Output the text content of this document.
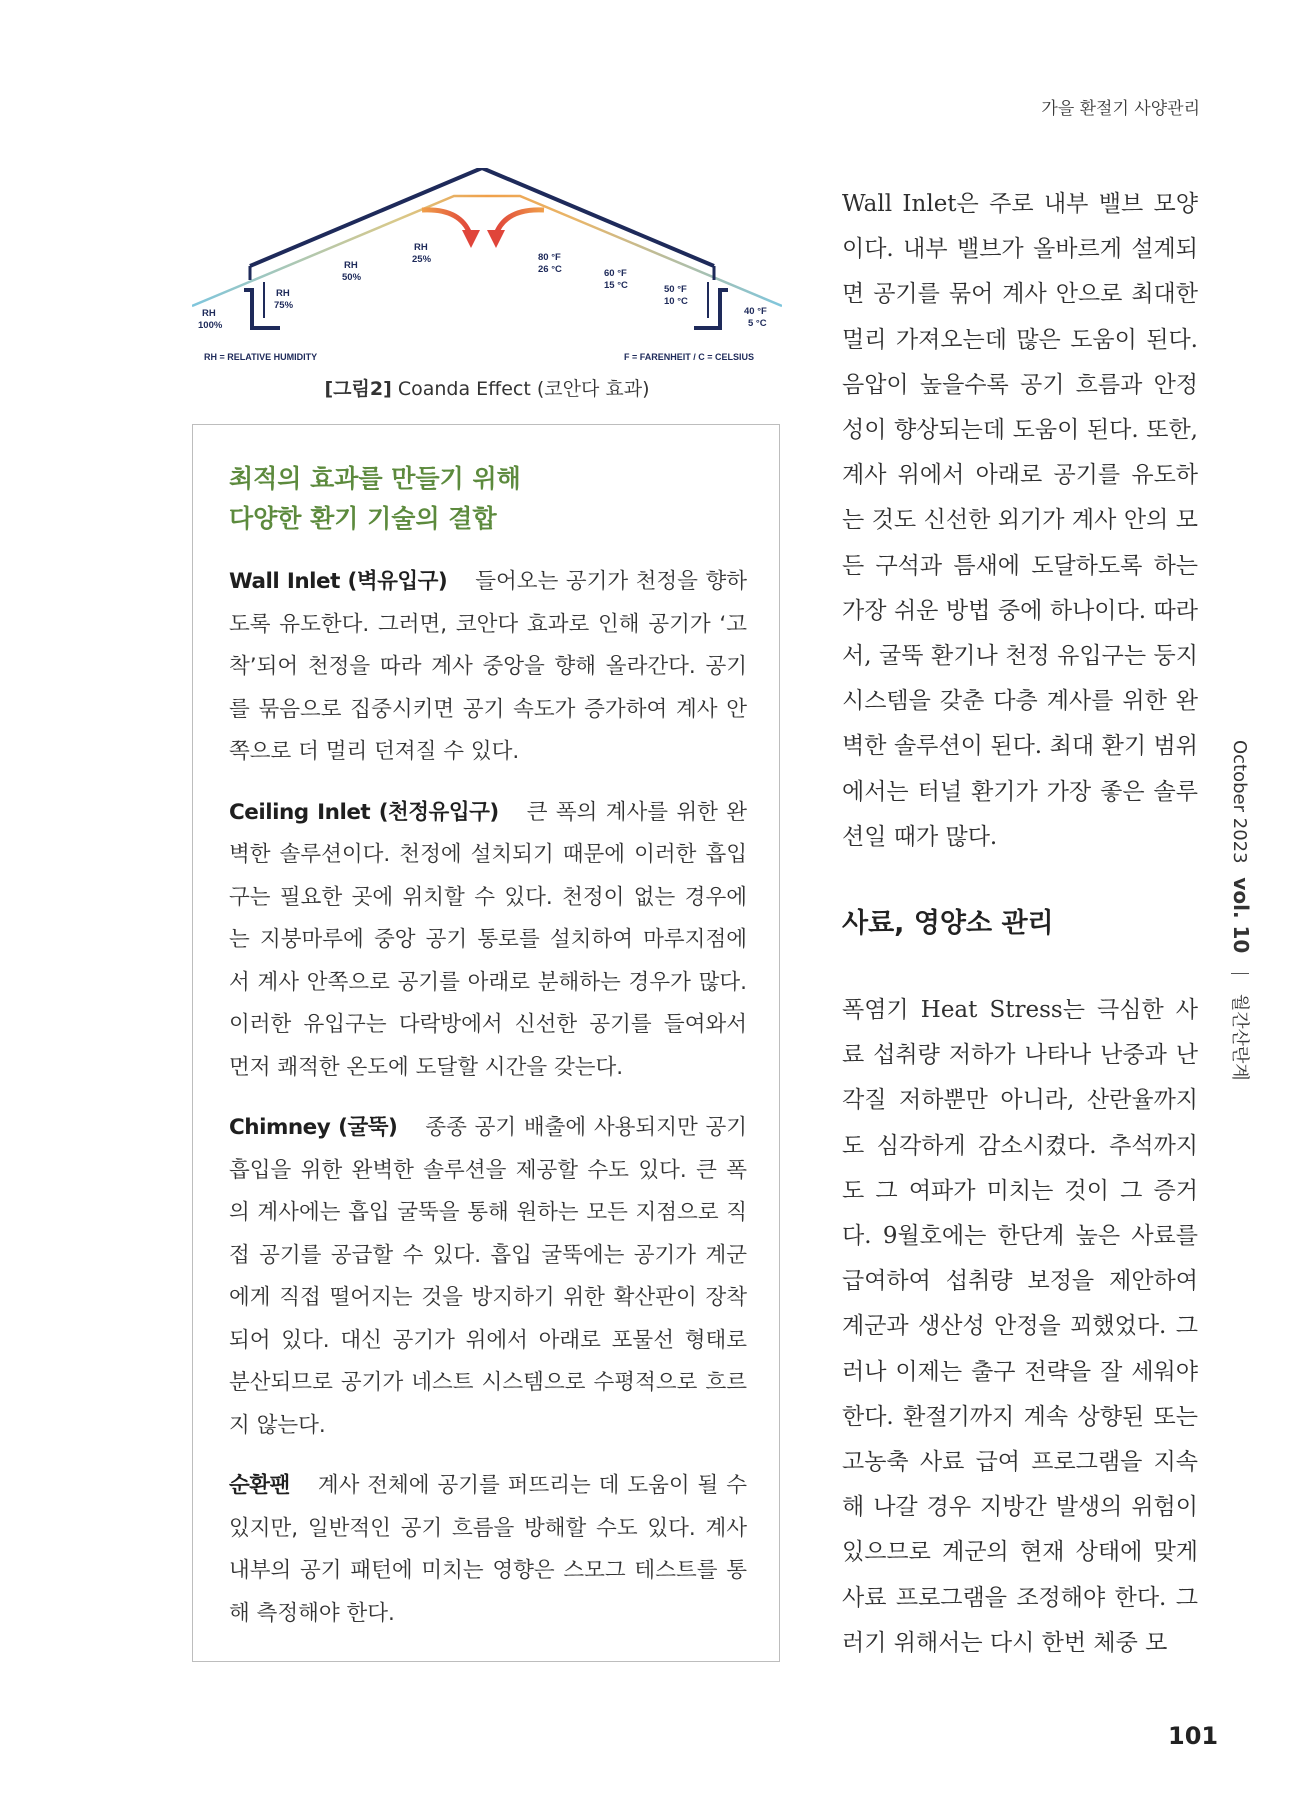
가을 환절기 사양관리
RH
100%
RH
75%
RH
50%
RH
25%	80 °F
26 °C	60 °F
15 °C	50 °F
10 °C
40 °F
5 °C
RH = RELATIVE HUMIDITY	F = FARENHEIT / C = CELSIUS
[그림2] Coanda Effect (코안다 효과)
최적의 효과를 만들기 위해
다양한 환기 기술의 결합
Wall Inlet (벽유입구) 들어오는 공기가 천정을 향하도록 유도한다. 그러면, 코안다 효과로 인해 공기가 ‘고착’되어 천정을 따라 계사 중앙을 향해 올라간다. 공기를 묶음으로 집중시키면 공기 속도가 증가하여 계사 안 쪽으로 더 멀리 던져질 수 있다.
Ceiling Inlet (천정유입구) 큰 폭의 계사를 위한 완벽한 솔루션이다. 천정에 설치되기 때문에 이러한 흡입구는 필요한 곳에 위치할 수 있다. 천정이 없는 경우에는 지붕마루에 중앙 공기 통로를 설치하여 마루지점에서 계사 안쪽으로 공기를 아래로 분해하는 경우가 많다. 이러한 유입구는 다락방에서 신선한 공기를 들여와서 먼저 쾌적한 온도에 도달할 시간을 갖는다.
Chimney (굴뚝) 종종 공기 배출에 사용되지만 공기 흡입을 위한 완벽한 솔루션을 제공할 수도 있다. 큰 폭의 계사에는 흡입 굴뚝을 통해 원하는 모든 지점으로 직접 공기를 공급할 수 있다. 흡입 굴뚝에는 공기가 계군에게 직접 떨어지는 것을 방지하기 위한 확산판이 장착되어 있다. 대신 공기가 위에서 아래로 포물선 형태로 분산되므로 공기가 네스트 시스템으로 수평적으로 흐르지 않는다.
순환팬 계사 전체에 공기를 퍼뜨리는 데 도움이 될 수 있지만, 일반적인 공기 흐름을 방해할 수도 있다. 계사 내부의 공기 패턴에 미치는 영향은 스모그 테스트를 통해 측정해야 한다.

Wall Inlet은 주로 내부 밸브 모양이다. 내부 밸브가 올바르게 설계되면 공기를 묶어 계사 안으로 최대한 멀리 가져오는데 많은 도움이 된다. 음압이 높을수록 공기 흐름과 안정성이 향상되는데 도움이 된다. 또한, 계사 위에서 아래로 공기를 유도하는 것도 신선한 외기가 계사 안의 모든 구석과 틈새에 도달하도록 하는 가장 쉬운 방법 중에 하나이다. 따라서, 굴뚝 환기나 천정 유입구는 둥지 시스템을 갖춘 다층 계사를 위한 완벽한 솔루션이 된다. 최대 환기 범위에서는 터널 환기가 가장 좋은 솔루션일 때가 많다.

사료, 영양소 관리

폭염기 Heat Stress는 극심한 사료 섭취량 저하가 나타나 난중과 난각질 저하뿐만 아니라, 산란율까지도 심각하게 감소시켰다. 추석까지도 그 여파가 미치는 것이 그 증거다. 9월호에는 한단계 높은 사료를 급여하여 섭취량 보정을 제안하여 계군과 생산성 안정을 꾀했었다. 그러나 이제는 출구 전략을 잘 세워야 한다. 환절기까지 계속 상향된 또는 고농축 사료 급여 프로그램을 지속해 나갈 경우 지방간 발생의 위험이 있으므로 계군의 현재 상태에 맞게 사료 프로그램을 조정해야 한다. 그러기 위해서는 다시 한번 체중 모

October 2023 vol. 10  월간산란계
101
